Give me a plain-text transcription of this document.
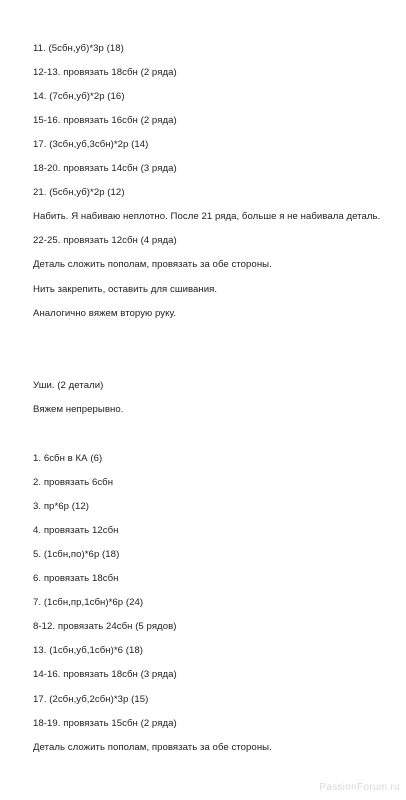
11. (5сбн,уб)*3р (18)
12-13. провязать 18сбн (2 ряда)
14. (7сбн,уб)*2р (16)
15-16. провязать 16сбн (2 ряда)
17. (3сбн,уб,3сбн)*2р (14)
18-20. провязать 14сбн (3 ряда)
21. (5сбн,уб)*2р (12)
Набить. Я набиваю неплотно. После 21 ряда, больше я не набивала деталь.
22-25. провязать 12сбн (4 ряда)
Деталь сложить пополам, провязать за обе стороны.
Нить закрепить, оставить для сшивания.
Аналогично вяжем вторую руку.
Уши. (2 детали)
Вяжем непрерывно.
1. 6сбн в КА (6)
2. провязать 6сбн
3. пр*6р (12)
4. провязать 12сбн
5. (1сбн,по)*6р (18)
6. провязать 18сбн
7. (1сбн,пр,1сбн)*6р (24)
8-12. провязать 24сбн (5 рядов)
13. (1сбн,уб,1сбн)*6 (18)
14-16. провязать 18сбн (3 ряда)
17. (2сбн,уб,2сбн)*3р (15)
18-19. провязать 15сбн (2 ряда)
Деталь сложить пополам, провязать за обе стороны.
PassionForum.ru
